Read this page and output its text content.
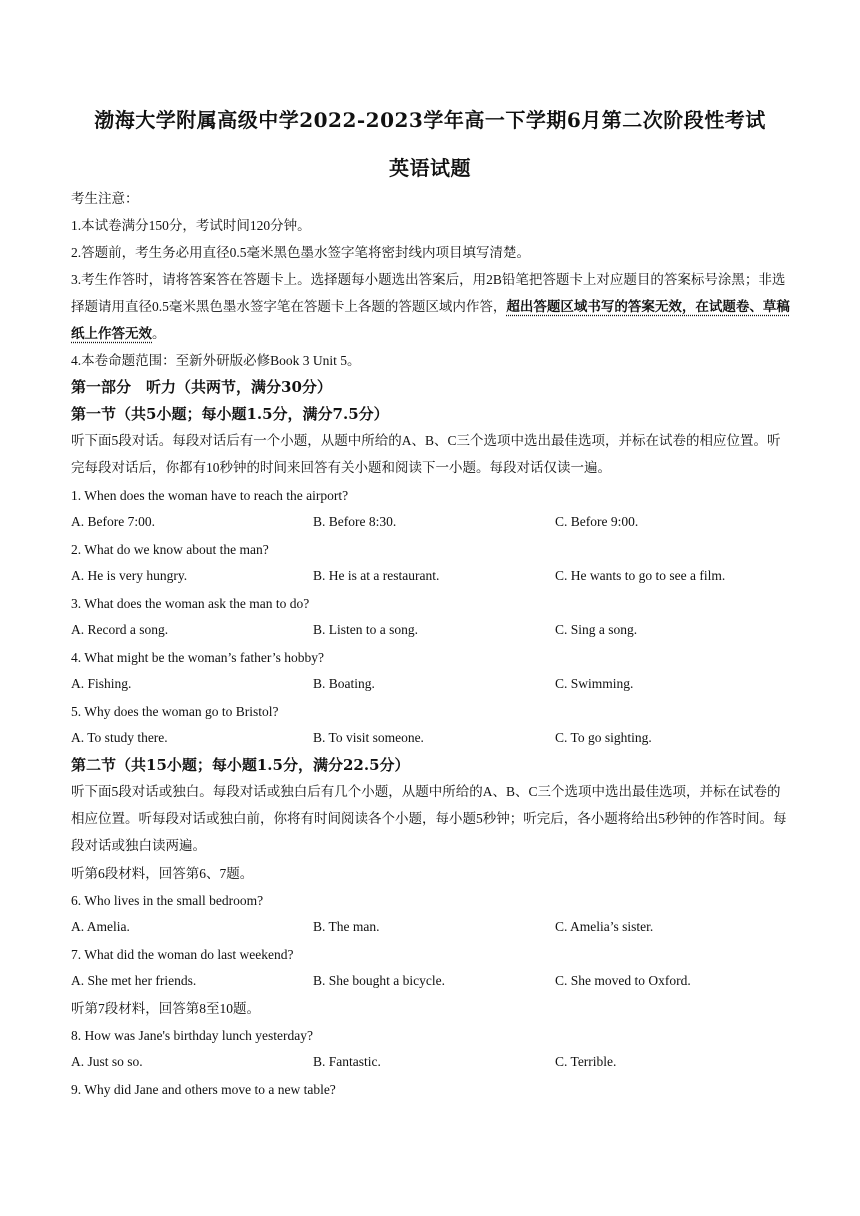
渤海大学附属高级中学2022-2023学年高一下学期6月第二次阶段性考试
英语试题
考生注意：
1.本试卷满分150分，考试时间120分钟。
2.答题前，考生务必用直径0.5毫米黑色墨水签字笔将密封线内项目填写清楚。
3.考生作答时，请将答案答在答题卡上。选择题每小题选出答案后，用2B铅笔把答题卡上对应题目的答案标号涂黑；非选择题请用直径0.5毫米黑色墨水签字笔在答题卡上各题的答题区域内作答，超出答题区域书写的答案无效，在试题卷、草稿纸上作答无效。
4.本卷命题范围：至新外研版必修Book 3 Unit 5。
第一部分　听力（共两节，满分30分）
第一节（共5小题；每小题1.5分，满分7.5分）
听下面5段对话。每段对话后有一个小题，从题中所给的A、B、C三个选项中选出最佳选项，并标在试卷的相应位置。听完每段对话后，你都有10秒钟的时间来回答有关小题和阅读下一小题。每段对话仅读一遍。
1. When does the woman have to reach the airport?
A. Before 7:00.	B. Before 8:30.	C. Before 9:00.
2. What do we know about the man?
A. He is very hungry.	B. He is at a restaurant.	C. He wants to go to see a film.
3. What does the woman ask the man to do?
A. Record a song.	B. Listen to a song.	C. Sing a song.
4. What might be the woman’s father’s hobby?
A. Fishing.	B. Boating.	C. Swimming.
5. Why does the woman go to Bristol?
A. To study there.	B. To visit someone.	C. To go sighting.
第二节（共15小题；每小题1.5分，满分22.5分）
听下面5段对话或独白。每段对话或独白后有几个小题，从题中所给的A、B、C三个选项中选出最佳选项，并标在试卷的相应位置。听每段对话或独白前，你将有时间阅读各个小题，每小题5秒钟；听完后，各小题将给出5秒钟的作答时间。每段对话或独白读两遍。
听第6段材料，回答第6、7题。
6. Who lives in the small bedroom?
A. Amelia.	B. The man.	C. Amelia’s sister.
7. What did the woman do last weekend?
A. She met her friends.	B. She bought a bicycle.	C. She moved to Oxford.
听第7段材料，回答第8至10题。
8. How was Jane's birthday lunch yesterday?
A. Just so so.	B. Fantastic.	C. Terrible.
9. Why did Jane and others move to a new table?
